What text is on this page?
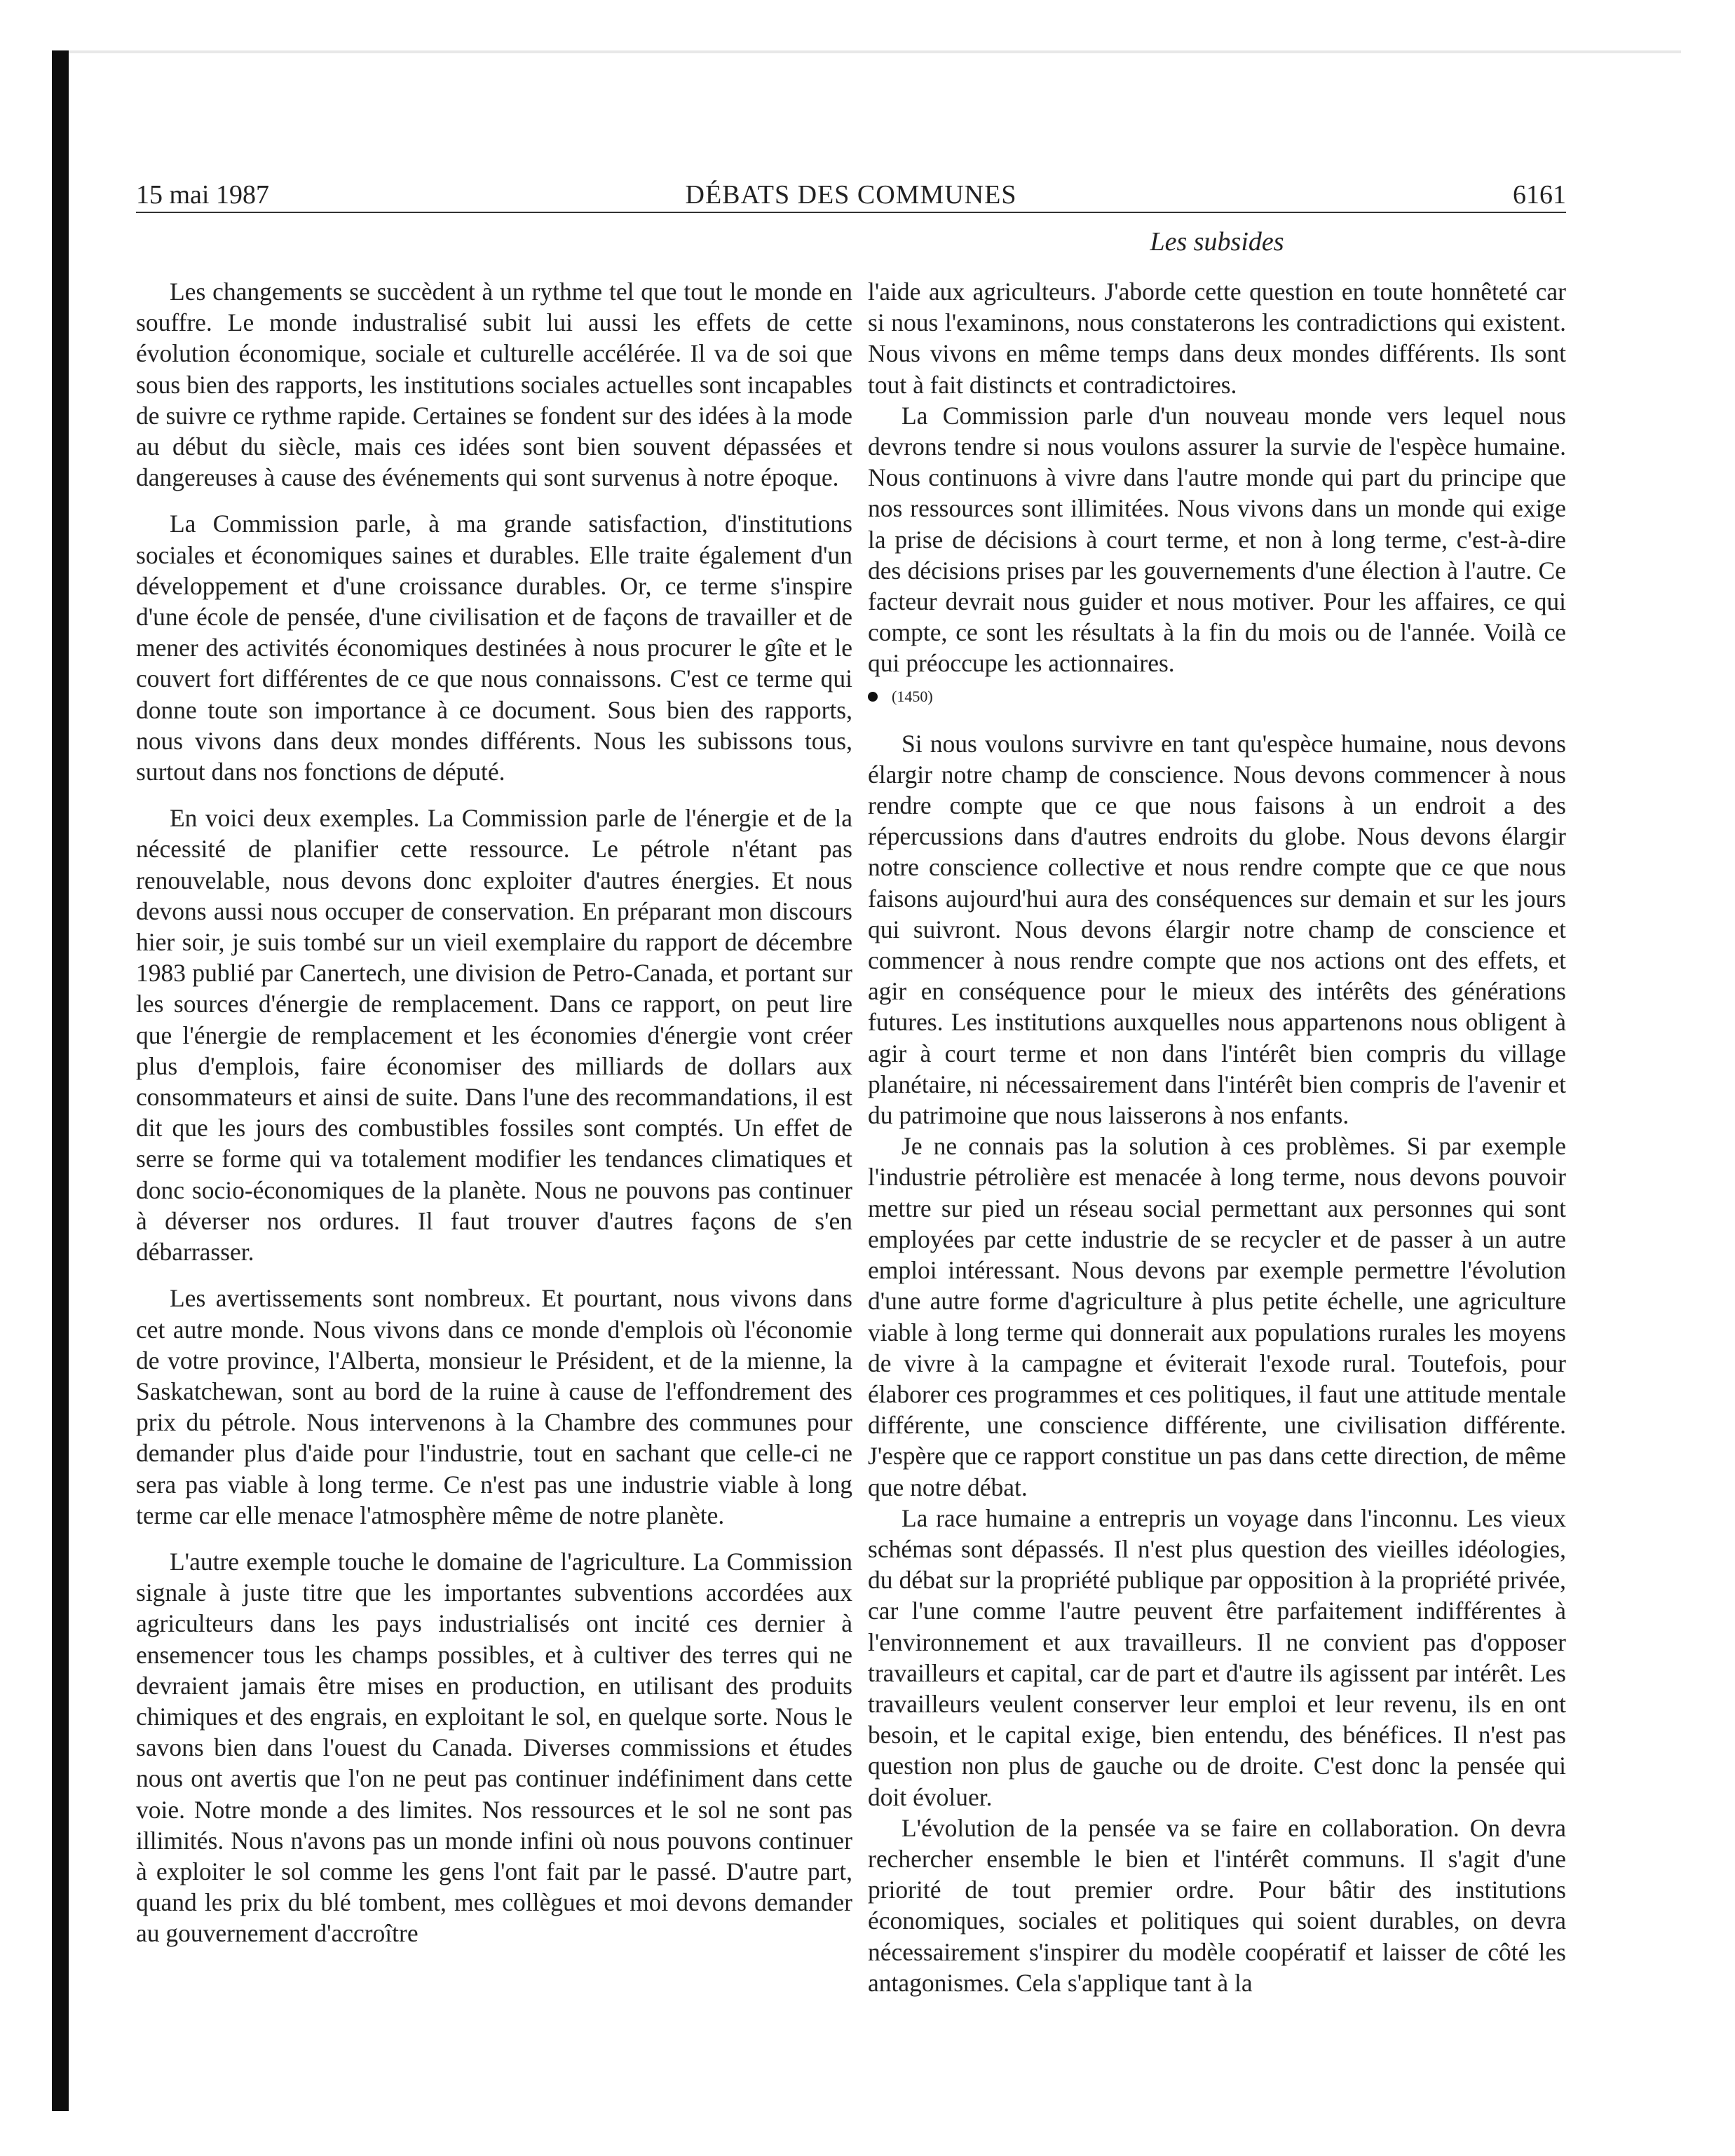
15 mai 1987	DÉBATS DES COMMUNES	6161
Les subsides

Les changements se succèdent à un rythme tel que tout le monde en souffre. Le monde industralisé subit lui aussi les effets de cette évolution économique, sociale et culturelle accélérée. Il va de soi que sous bien des rapports, les institutions sociales actuelles sont incapables de suivre ce rythme rapide. Certaines se fondent sur des idées à la mode au début du siècle, mais ces idées sont bien souvent dépassées et dangereuses à cause des événements qui sont survenus à notre époque.

La Commission parle, à ma grande satisfaction, d'institutions sociales et économiques saines et durables. Elle traite également d'un développement et d'une croissance durables. Or, ce terme s'inspire d'une école de pensée, d'une civilisation et de façons de travailler et de mener des activités économiques destinées à nous procurer le gîte et le couvert fort différentes de ce que nous connaissons. C'est ce terme qui donne toute son importance à ce document. Sous bien des rapports, nous vivons dans deux mondes différents. Nous les subissons tous, surtout dans nos fonctions de député.

En voici deux exemples. La Commission parle de l'énergie et de la nécessité de planifier cette ressource. Le pétrole n'étant pas renouvelable, nous devons donc exploiter d'autres énergies. Et nous devons aussi nous occuper de conservation. En préparant mon discours hier soir, je suis tombé sur un vieil exemplaire du rapport de décembre 1983 publié par Canertech, une division de Petro-Canada, et portant sur les sources d'énergie de remplacement. Dans ce rapport, on peut lire que l'énergie de remplacement et les économies d'énergie vont créer plus d'emplois, faire économiser des milliards de dollars aux consommateurs et ainsi de suite. Dans l'une des recommandations, il est dit que les jours des combustibles fossiles sont comptés. Un effet de serre se forme qui va totalement modifier les tendances climatiques et donc socio-économiques de la planète. Nous ne pouvons pas continuer à déverser nos ordures. Il faut trouver d'autres façons de s'en débarrasser.

Les avertissements sont nombreux. Et pourtant, nous vivons dans cet autre monde. Nous vivons dans ce monde d'emplois où l'économie de votre province, l'Alberta, monsieur le Président, et de la mienne, la Saskatchewan, sont au bord de la ruine à cause de l'effondrement des prix du pétrole. Nous intervenons à la Chambre des communes pour demander plus d'aide pour l'industrie, tout en sachant que celle-ci ne sera pas viable à long terme. Ce n'est pas une industrie viable à long terme car elle menace l'atmosphère même de notre planète.

L'autre exemple touche le domaine de l'agriculture. La Commission signale à juste titre que les importantes subventions accordées aux agriculteurs dans les pays industrialisés ont incité ces dernier à ensemencer tous les champs possibles, et à cultiver des terres qui ne devraient jamais être mises en production, en utilisant des produits chimiques et des engrais, en exploitant le sol, en quelque sorte. Nous le savons bien dans l'ouest du Canada. Diverses commissions et études nous ont avertis que l'on ne peut pas continuer indéfiniment dans cette voie. Notre monde a des limites. Nos ressources et le sol ne sont pas illimités. Nous n'avons pas un monde infini où nous pouvons continuer à exploiter le sol comme les gens l'ont fait par le passé. D'autre part, quand les prix du blé tombent, mes collègues et moi devons demander au gouvernement d'accroître

l'aide aux agriculteurs. J'aborde cette question en toute honnêteté car si nous l'examinons, nous constaterons les contradictions qui existent. Nous vivons en même temps dans deux mondes différents. Ils sont tout à fait distincts et contradictoires.

La Commission parle d'un nouveau monde vers lequel nous devrons tendre si nous voulons assurer la survie de l'espèce humaine. Nous continuons à vivre dans l'autre monde qui part du principe que nos ressources sont illimitées. Nous vivons dans un monde qui exige la prise de décisions à court terme, et non à long terme, c'est-à-dire des décisions prises par les gouvernements d'une élection à l'autre. Ce facteur devrait nous guider et nous motiver. Pour les affaires, ce qui compte, ce sont les résultats à la fin du mois ou de l'année. Voilà ce qui préoccupe les actionnaires.

(1450)

Si nous voulons survivre en tant qu'espèce humaine, nous devons élargir notre champ de conscience. Nous devons commencer à nous rendre compte que ce que nous faisons à un endroit a des répercussions dans d'autres endroits du globe. Nous devons élargir notre conscience collective et nous rendre compte que ce que nous faisons aujourd'hui aura des conséquences sur demain et sur les jours qui suivront. Nous devons élargir notre champ de conscience et commencer à nous rendre compte que nos actions ont des effets, et agir en conséquence pour le mieux des intérêts des générations futures. Les institutions auxquelles nous appartenons nous obligent à agir à court terme et non dans l'intérêt bien compris du village planétaire, ni nécessairement dans l'intérêt bien compris de l'avenir et du patrimoine que nous laisserons à nos enfants.

Je ne connais pas la solution à ces problèmes. Si par exemple l'industrie pétrolière est menacée à long terme, nous devons pouvoir mettre sur pied un réseau social permettant aux personnes qui sont employées par cette industrie de se recycler et de passer à un autre emploi intéressant. Nous devons par exemple permettre l'évolution d'une autre forme d'agriculture à plus petite échelle, une agriculture viable à long terme qui donnerait aux populations rurales les moyens de vivre à la campagne et éviterait l'exode rural. Toutefois, pour élaborer ces programmes et ces politiques, il faut une attitude mentale différente, une conscience différente, une civilisation différente. J'espère que ce rapport constitue un pas dans cette direction, de même que notre débat.

La race humaine a entrepris un voyage dans l'inconnu. Les vieux schémas sont dépassés. Il n'est plus question des vieilles idéologies, du débat sur la propriété publique par opposition à la propriété privée, car l'une comme l'autre peuvent être parfaitement indifférentes à l'environnement et aux travailleurs. Il ne convient pas d'opposer travailleurs et capital, car de part et d'autre ils agissent par intérêt. Les travailleurs veulent conserver leur emploi et leur revenu, ils en ont besoin, et le capital exige, bien entendu, des bénéfices. Il n'est pas question non plus de gauche ou de droite. C'est donc la pensée qui doit évoluer.

L'évolution de la pensée va se faire en collaboration. On devra rechercher ensemble le bien et l'intérêt communs. Il s'agit d'une priorité de tout premier ordre. Pour bâtir des institutions économiques, sociales et politiques qui soient durables, on devra nécessairement s'inspirer du modèle coopératif et laisser de côté les antagonismes. Cela s'applique tant à la
